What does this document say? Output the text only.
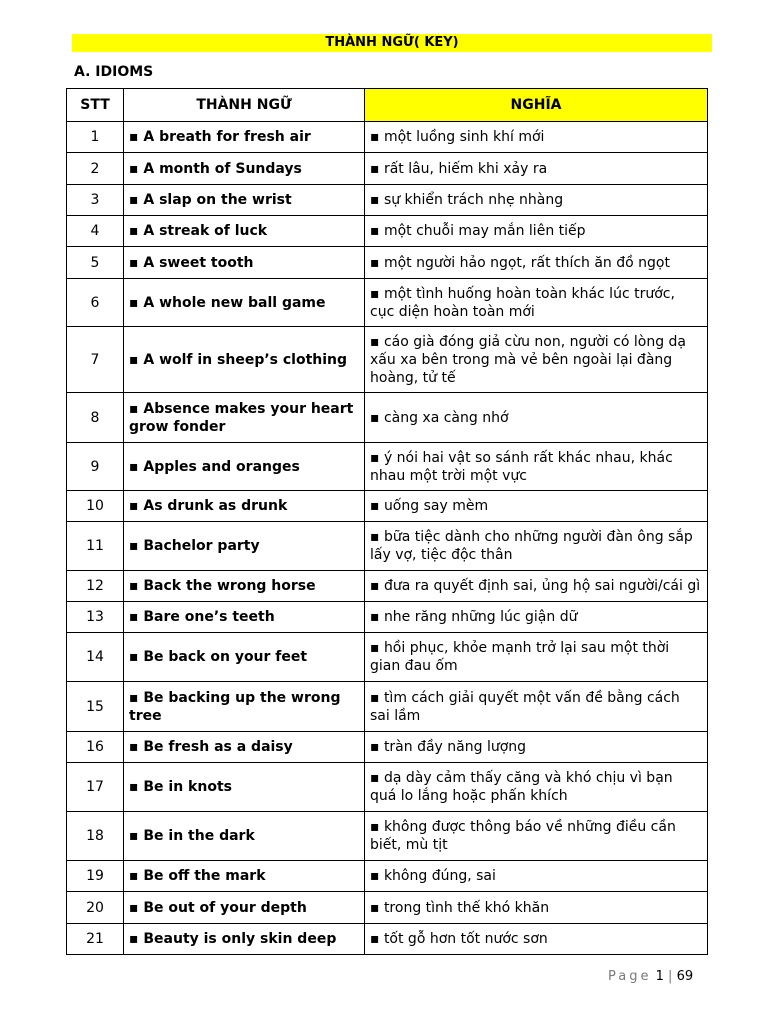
THÀNH NGỮ( KEY)
A. IDIOMS
STT	THÀNH NGỮ	NGHĨA
1	▪ A breath for fresh air	▪ một luồng sinh khí mới
2	▪ A month of Sundays	▪ rất lâu, hiếm khi xảy ra
3	▪ A slap on the wrist	▪ sự khiển trách nhẹ nhàng
4	▪ A streak of luck	▪ một chuỗi may mắn liên tiếp
5	▪ A sweet tooth	▪ một người hảo ngọt, rất thích ăn đồ ngọt
6	▪ A whole new ball game	▪ một tình huống hoàn toàn khác lúc trước, cục diện hoàn toàn mới
7	▪ A wolf in sheep’s clothing	▪ cáo già đóng giả cừu non, người có lòng dạ xấu xa bên trong mà vẻ bên ngoài lại đàng hoàng, tử tế
8	▪ Absence makes your heart grow fonder	▪ càng xa càng nhớ
9	▪ Apples and oranges	▪ ý nói hai vật so sánh rất khác nhau, khác nhau một trời một vực
10	▪ As drunk as drunk	▪ uống say mèm
11	▪ Bachelor party	▪ bữa tiệc dành cho những người đàn ông sắp lấy vợ, tiệc độc thân
12	▪ Back the wrong horse	▪ đưa ra quyết định sai, ủng hộ sai người/cái gì
13	▪ Bare one’s teeth	▪ nhe răng những lúc giận dữ
14	▪ Be back on your feet	▪ hồi phục, khỏe mạnh trở lại sau một thời gian đau ốm
15	▪ Be backing up the wrong tree	▪ tìm cách giải quyết một vấn đề bằng cách sai lầm
16	▪ Be fresh as a daisy	▪ tràn đầy năng lượng
17	▪ Be in knots	▪ dạ dày cảm thấy căng và khó chịu vì bạn quá lo lắng hoặc phấn khích
18	▪ Be in the dark	▪ không được thông báo về những điều cần biết, mù tịt
19	▪ Be off the mark	▪ không đúng, sai
20	▪ Be out of your depth	▪ trong tình thế khó khăn
21	▪ Beauty is only skin deep	▪ tốt gỗ hơn tốt nước sơn
Page 1 | 69
